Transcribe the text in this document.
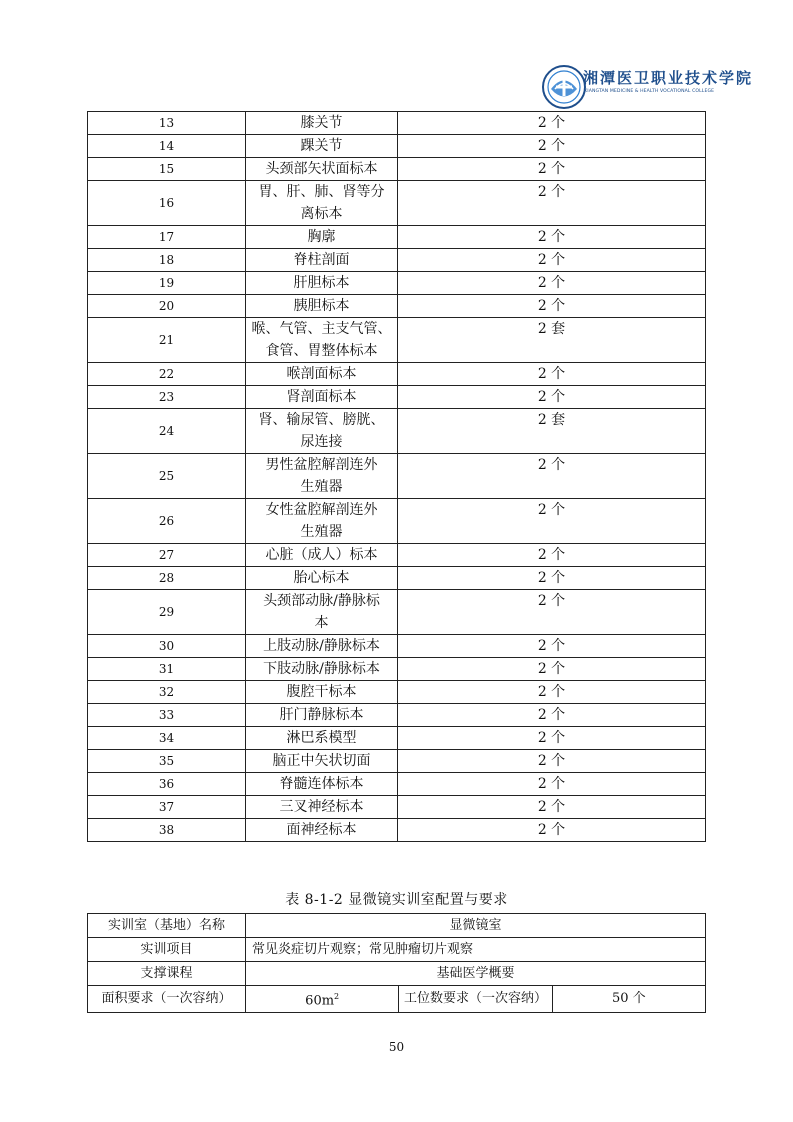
湘潭医卫职业技术学院
XIANGTAN MEDICINE & HEALTH VOCATIONAL COLLEGE
13	膝关节	2 个
14	踝关节	2 个
15	头颈部矢状面标本	2 个
16	胃、肝、肺、肾等分
离标本	2 个
17	胸廓	2 个
18	脊柱剖面	2 个
19	肝胆标本	2 个
20	胰胆标本	2 个
21	喉、气管、主支气管、
食管、胃整体标本	2 套
22	喉剖面标本	2 个
23	肾剖面标本	2 个
24	肾、输尿管、膀胱、
尿连接	2 套
25	男性盆腔解剖连外
生殖器	2 个
26	女性盆腔解剖连外
生殖器	2 个
27	心脏（成人）标本	2 个
28	胎心标本	2 个
29	头颈部动脉/静脉标
本	2 个
30	上肢动脉/静脉标本	2 个
31	下肢动脉/静脉标本	2 个
32	腹腔干标本	2 个
33	肝门静脉标本	2 个
34	淋巴系模型	2 个
35	脑正中矢状切面	2 个
36	脊髓连体标本	2 个
37	三叉神经标本	2 个
38	面神经标本	2 个
表 8-1-2 显微镜实训室配置与要求
实训室（基地）名称	显微镜室		
实训项目	常见炎症切片观察；常见肿瘤切片观察		
支撑课程	基础医学概要		
面积要求（一次容纳）	$60m^2$	工位数要求（一次容纳）	50 个
50
